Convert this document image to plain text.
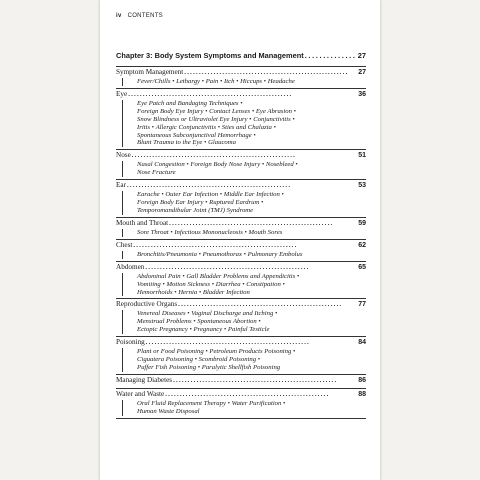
iv CONTENTS
Chapter 3: Body System Symptoms and Management . . .	27
Symptom Management . . .	27
Fever/Chills • Lethargy • Pain • Itch • Hiccups • Headache
Eye . . .	36
Eye Patch and Bandaging Techniques •
Foreign Body Eye Injury • Contact Lenses • Eye Abrasion •
Snow Blindness or Ultraviolet Eye Injury • Conjunctivitis •
Iritis • Allergic Conjunctivitis • Sties and Chalazia •
Spontaneous Subconjunctival Hemorrhage •
Blunt Trauma to the Eye • Glaucoma
Nose . . .	51
Nasal Congestion • Foreign Body Nose Injury • Nosebleed •
Nose Fracture
Ear . . .	53
Earache • Outer Ear Infection • Middle Ear Infection •
Foreign Body Ear Injury • Ruptured Eardrum •
Temporomandibular Joint (TMJ) Syndrome
Mouth and Throat . . .	59
Sore Throat • Infectious Mononucleosis • Mouth Sores
Chest . . .	62
Bronchitis/Pneumonia • Pneumothorax • Pulmonary Embolus
Abdomen . . .	65
Abdominal Pain • Gall Bladder Problems and Appendicitis •
Vomiting • Motion Sickness • Diarrhea • Constipation •
Hemorrhoids • Hernia • Bladder Infection
Reproductive Organs . . .	77
Venereal Diseases • Vaginal Discharge and Itching •
Menstrual Problems • Spontaneous Abortion •
Ectopic Pregnancy • Pregnancy • Painful Testicle
Poisoning . . .	84
Plant or Food Poisoning • Petroleum Products Poisoning •
Ciguatera Poisoning • Scombroid Poisoning •
Puffer Fish Poisoning • Paralytic Shellfish Poisoning
Managing Diabetes . . .	86
Water and Waste . . .	88
Oral Fluid Replacement Therapy • Water Purification •
Human Waste Disposal
